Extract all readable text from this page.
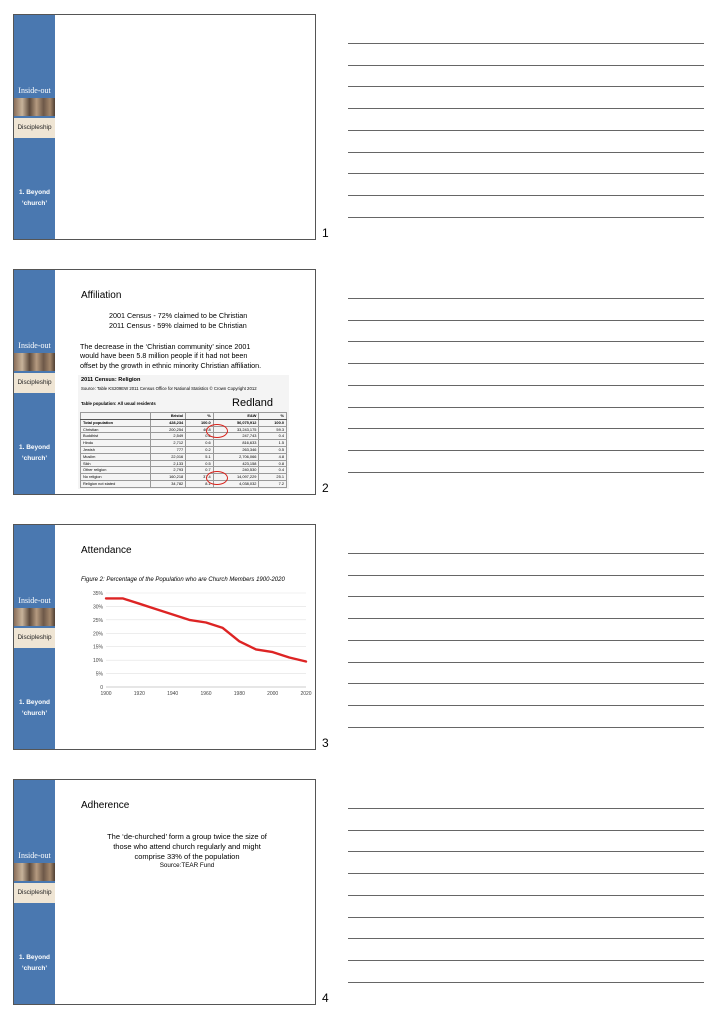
Inside-out
Discipleship
1. Beyond
‘church’
1
Inside-out
Discipleship
1. Beyond
‘church’
Affiliation
2001 Census - 72% claimed to be Christian
2011 Census - 59% claimed to be Christian
The decrease in the ‘Christian community’ since 2001
would have been 5.8 million people if it had not been
offset by the growth in ethnic minority Christian affiliation.
2011 Census: Religion
Source: Table KS209EW 2011 Census Office for National Statistics © Crown Copyright 2012
Table population: All usual residents	Redland
	Bristol	%	E&W	%
Total population	428,234	100.0	56,075,912	100.0
Christian	200,254	46.8	33,243,175	59.3
Buddhist	2,549	0.6	247,743	0.4
Hindu	2,712	0.6	816,633	1.5
Jewish	777	0.2	263,346	0.5
Muslim	22,016	5.1	2,706,066	4.8
Sikh	2,133	0.5	423,158	0.8
Other religion	2,793	0.7	240,530	0.4
No religion	160,218	37.4	14,097,229	25.1
Religion not stated	34,782	8.1	4,038,032	7.2	2
Inside-out
Discipleship
1. Beyond
‘church’
Attendance
Figure 2: Percentage of the Population who are Church Members 1900-2020
0
5%
10%
15%
20%
25%
30%
35%
1900	1920	1940	1960	1980	2000	2020
3
Inside-out
Discipleship
1. Beyond
‘church’
Adherence
The ‘de-churched’ form a group twice the size of
those who attend church regularly and might
comprise 33% of the population
Source:TEAR Fund
4
